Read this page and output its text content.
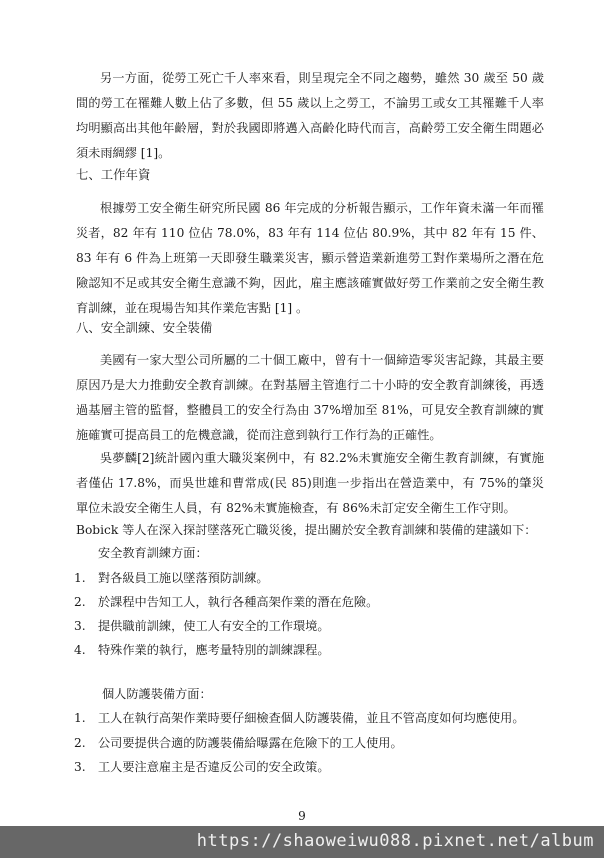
另一方面，從勞工死亡千人率來看，則呈現完全不同之趨勢，雖然 30 歲至 50 歲間的勞工在罹難人數上佔了多數，但 55 歲以上之勞工，不論男工或女工其罹難千人率均明顯高出其他年齡層，對於我國即將邁入高齡化時代而言，高齡勞工安全衛生問題必須未雨綢繆 [1]。

七、工作年資

根據勞工安全衛生研究所民國 86 年完成的分析報告顯示，工作年資未滿一年而罹災者，82 年有 110 位佔 78.0%，83 年有 114 位佔 80.9%，其中 82 年有 15 件、83 年有 6 件為上班第一天即發生職業災害，顯示營造業新進勞工對作業場所之潛在危險認知不足或其安全衛生意識不夠，因此，雇主應該確實做好勞工作業前之安全衛生教育訓練，並在現場告知其作業危害點 [1] 。

八、安全訓練、安全裝備

美國有一家大型公司所屬的二十個工廠中，曾有十一個締造零災害記錄，其最主要原因乃是大力推動安全教育訓練。在對基層主管進行二十小時的安全教育訓練後，再透過基層主管的監督，整體員工的安全行為由 37%增加至 81%，可見安全教育訓練的實施確實可提高員工的危機意識，從而注意到執行工作行為的正確性。

吳夢麟[2]統計國內重大職災案例中，有 82.2%未實施安全衛生教育訓練，有實施者僅佔 17.8%，而吳世雄和曹常成(民 85)則進一步指出在營造業中，有 75%的肇災單位未設安全衛生人員，有 82%未實施檢查，有 86%未訂定安全衛生工作守則。

Bobick 等人在深入探討墜落死亡職災後，提出關於安全教育訓練和裝備的建議如下：

安全教育訓練方面：

1. 對各級員工施以墜落預防訓練。
2. 於課程中告知工人，執行各種高架作業的潛在危險。
3. 提供職前訓練，使工人有安全的工作環境。
4. 特殊作業的執行，應考量特別的訓練課程。

個人防護裝備方面：

1. 工人在執行高架作業時要仔細檢查個人防護裝備，並且不管高度如何均應使用。
2. 公司要提供合適的防護裝備給曝露在危險下的工人使用。
3. 工人要注意雇主是否違反公司的安全政策。
9
https://shaoweiwu088.pixnet.net/album
